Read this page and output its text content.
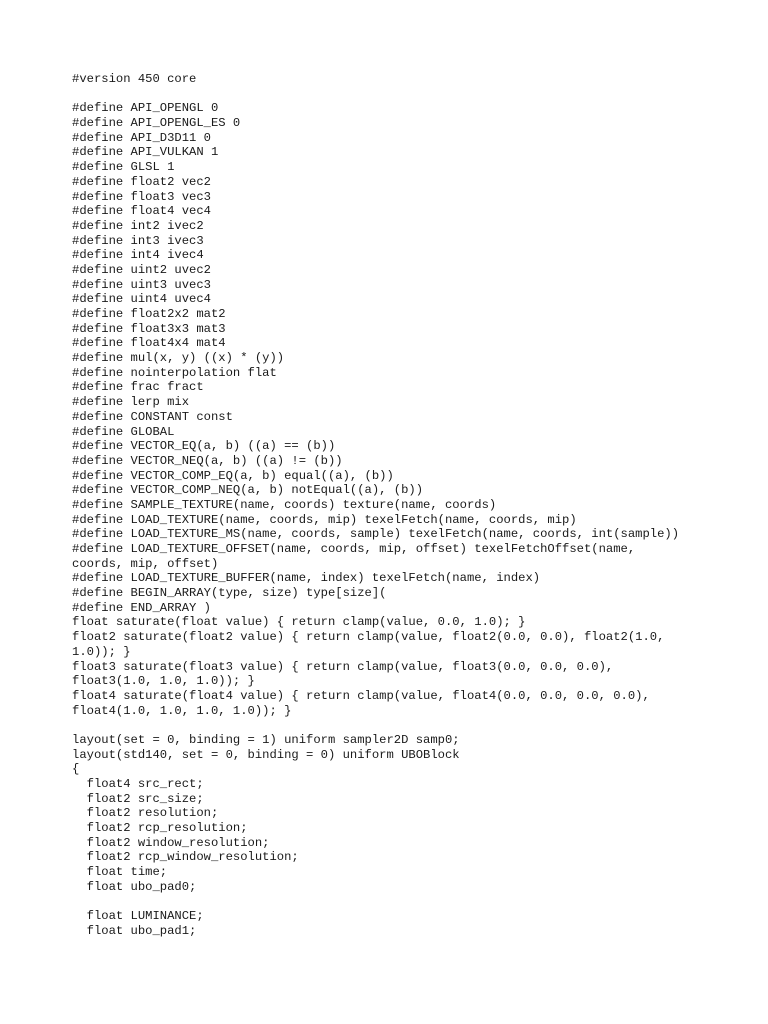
#version 450 core
#define API_OPENGL 0
#define API_OPENGL_ES 0
#define API_D3D11 0
#define API_VULKAN 1
#define GLSL 1
#define float2 vec2
#define float3 vec3
#define float4 vec4
#define int2 ivec2
#define int3 ivec3
#define int4 ivec4
#define uint2 uvec2
#define uint3 uvec3
#define uint4 uvec4
#define float2x2 mat2
#define float3x3 mat3
#define float4x4 mat4
#define mul(x, y) ((x) * (y))
#define nointerpolation flat
#define frac fract
#define lerp mix
#define CONSTANT const
#define GLOBAL
#define VECTOR_EQ(a, b) ((a) == (b))
#define VECTOR_NEQ(a, b) ((a) != (b))
#define VECTOR_COMP_EQ(a, b) equal((a), (b))
#define VECTOR_COMP_NEQ(a, b) notEqual((a), (b))
#define SAMPLE_TEXTURE(name, coords) texture(name, coords)
#define LOAD_TEXTURE(name, coords, mip) texelFetch(name, coords, mip)
#define LOAD_TEXTURE_MS(name, coords, sample) texelFetch(name, coords, int(sample))
#define LOAD_TEXTURE_OFFSET(name, coords, mip, offset) texelFetchOffset(name,
coords, mip, offset)
#define LOAD_TEXTURE_BUFFER(name, index) texelFetch(name, index)
#define BEGIN_ARRAY(type, size) type[size](
#define END_ARRAY )
float saturate(float value) { return clamp(value, 0.0, 1.0); }
float2 saturate(float2 value) { return clamp(value, float2(0.0, 0.0), float2(1.0,
1.0)); }
float3 saturate(float3 value) { return clamp(value, float3(0.0, 0.0, 0.0),
float3(1.0, 1.0, 1.0)); }
float4 saturate(float4 value) { return clamp(value, float4(0.0, 0.0, 0.0, 0.0),
float4(1.0, 1.0, 1.0, 1.0)); }
layout(set = 0, binding = 1) uniform sampler2D samp0;
layout(std140, set = 0, binding = 0) uniform UBOBlock
{
float4 src_rect;
float2 src_size;
float2 resolution;
float2 rcp_resolution;
float2 window_resolution;
float2 rcp_window_resolution;
float time;
float ubo_pad0;
float LUMINANCE;
float ubo_pad1;
